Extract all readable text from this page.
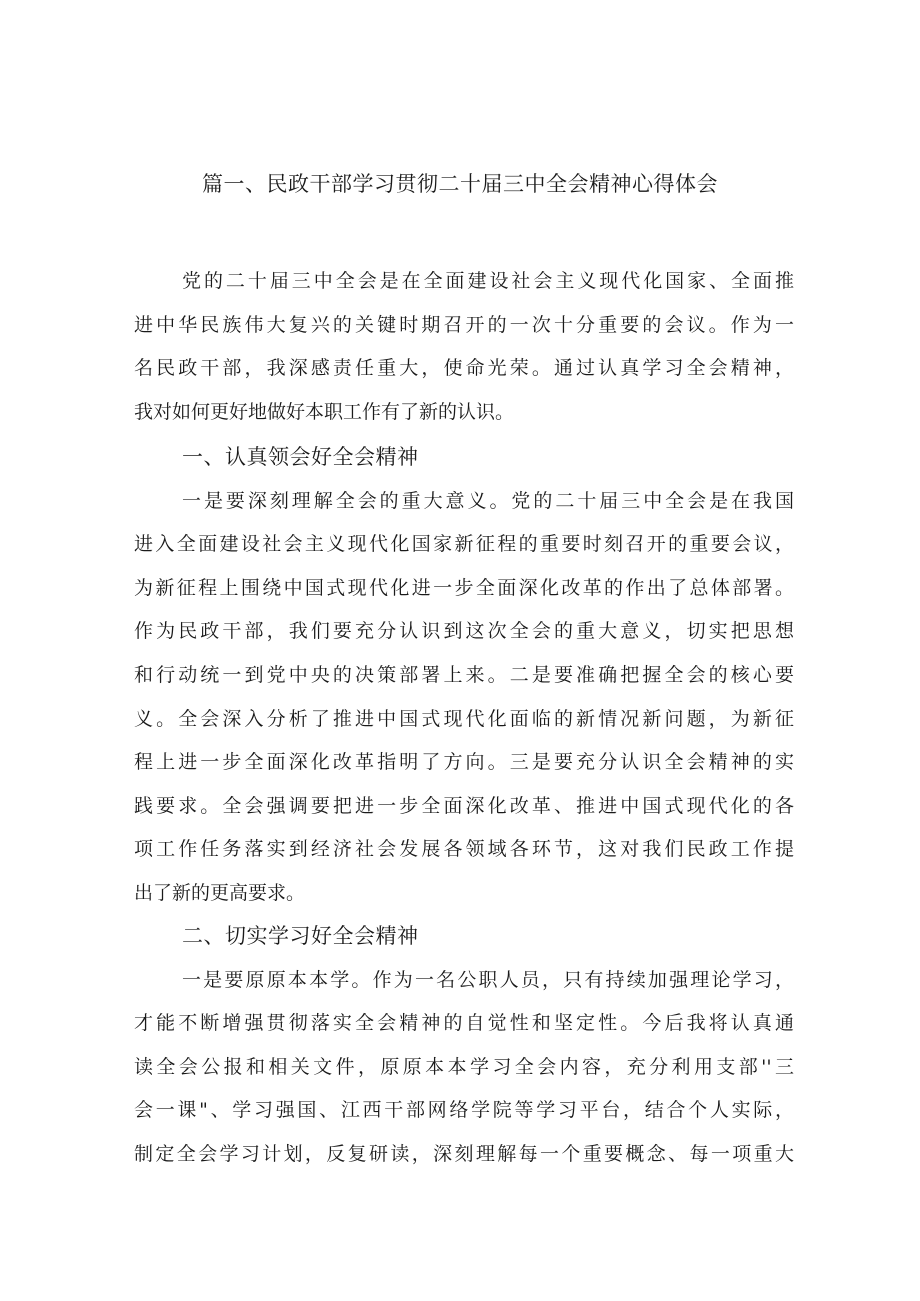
篇一、民政干部学习贯彻二十届三中全会精神心得体会
党的二十届三中全会是在全面建设社会主义现代化国家、全面推
进中华民族伟大复兴的关键时期召开的一次十分重要的会议。作为一
名民政干部，我深感责任重大，使命光荣。通过认真学习全会精神，
我对如何更好地做好本职工作有了新的认识。
一、认真领会好全会精神
一是要深刻理解全会的重大意义。党的二十届三中全会是在我国
进入全面建设社会主义现代化国家新征程的重要时刻召开的重要会议，
为新征程上围绕中国式现代化进一步全面深化改革的作出了总体部署。
作为民政干部，我们要充分认识到这次全会的重大意义，切实把思想
和行动统一到党中央的决策部署上来。二是要准确把握全会的核心要
义。全会深入分析了推进中国式现代化面临的新情况新问题，为新征
程上进一步全面深化改革指明了方向。三是要充分认识全会精神的实
践要求。全会强调要把进一步全面深化改革、推进中国式现代化的各
项工作任务落实到经济社会发展各领域各环节，这对我们民政工作提
出了新的更高要求。
二、切实学习好全会精神
一是要原原本本学。作为一名公职人员，只有持续加强理论学习，
才能不断增强贯彻落实全会精神的自觉性和坚定性。今后我将认真通
读全会公报和相关文件，原原本本学习全会内容，充分利用支部''三
会一课"、学习强国、江西干部网络学院等学习平台，结合个人实际，
制定全会学习计划，反复研读，深刻理解每一个重要概念、每一项重大
